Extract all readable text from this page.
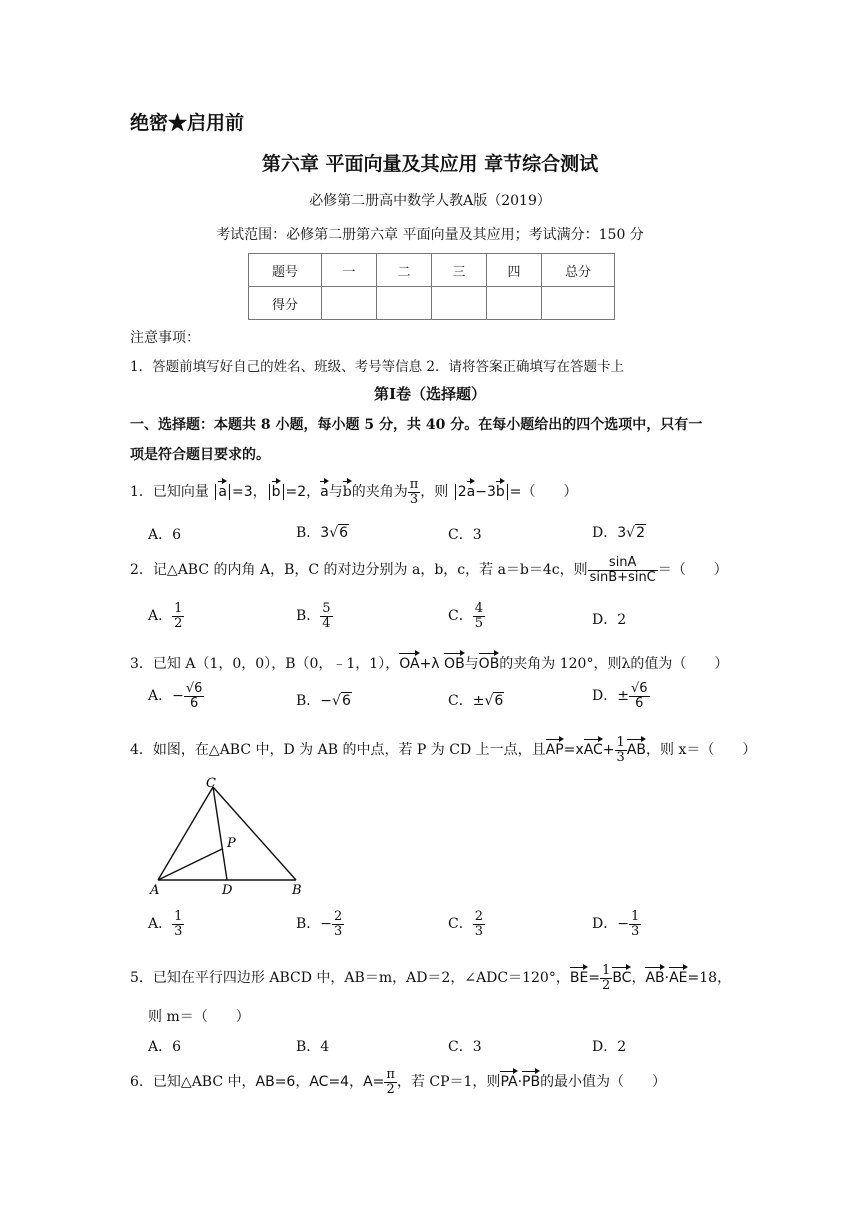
绝密★启用前
第六章 平面向量及其应用 章节综合测试
必修第二册高中数学人教A版（2019）
考试范围：必修第二册第六章 平面向量及其应用；考试满分：150 分
题号	一	二	三	四	总分
得分					
注意事项：
1．答题前填写好自己的姓名、班级、考号等信息 2．请将答案正确填写在答题卡上
第Ⅰ卷（选择题）
一、选择题：本题共 8 小题，每小题 5 分，共 40 分。在每小题给出的四个选项中，只有一
项是符合题目要求的。
1．已知向量 a =3， b =2，a与b的夹角为 $\frac{\pi}{3}$ ，则 2a−3b =（　　）
A．6	B．3√6	C．3	D．3√2
2．记△ABC 的内角 A，B，C 的对边分别为 a，b，c，若 a＝b＝4c，则 $\frac{\sin A}{\sin B+\sin C}$ ＝（　　）
A． $\frac{1}{2}$	B． $\frac{5}{4}$	C． $\frac{4}{5}$	D．2
3．已知 A（1，0，0），B（0，﹣1，1），OA+λ OB与OB的夹角为 120°，则λ的值为（　　）
A．− $\frac{√6}{6}$	B．−√6	C．±√6	D．± $\frac{√6}{6}$
4．如图，在△ABC 中，D 为 AB 的中点，若 P 为 CD 上一点，且$AP=xAC+ \frac{1}{3}$ AB，则 x＝（　　）
C
P
A	D	B
A． $\frac{1}{3}$	B．− $\frac{2}{3}$	C． $\frac{2}{3}$	D．− $\frac{1}{3}$
5．已知在平行四边形 ABCD 中，AB＝m，AD＝2，∠ADC＝120°，$BE= \frac{1}{2}$ BC，AB·AE=18，
则 m＝（　　）
A．6	B．4	C．3	D．2
6．已知△ABC 中，AB=6，AC=4，$A= \frac{\pi}{2}$ ，若 CP＝1，则PA·PB的最小值为（　　）
